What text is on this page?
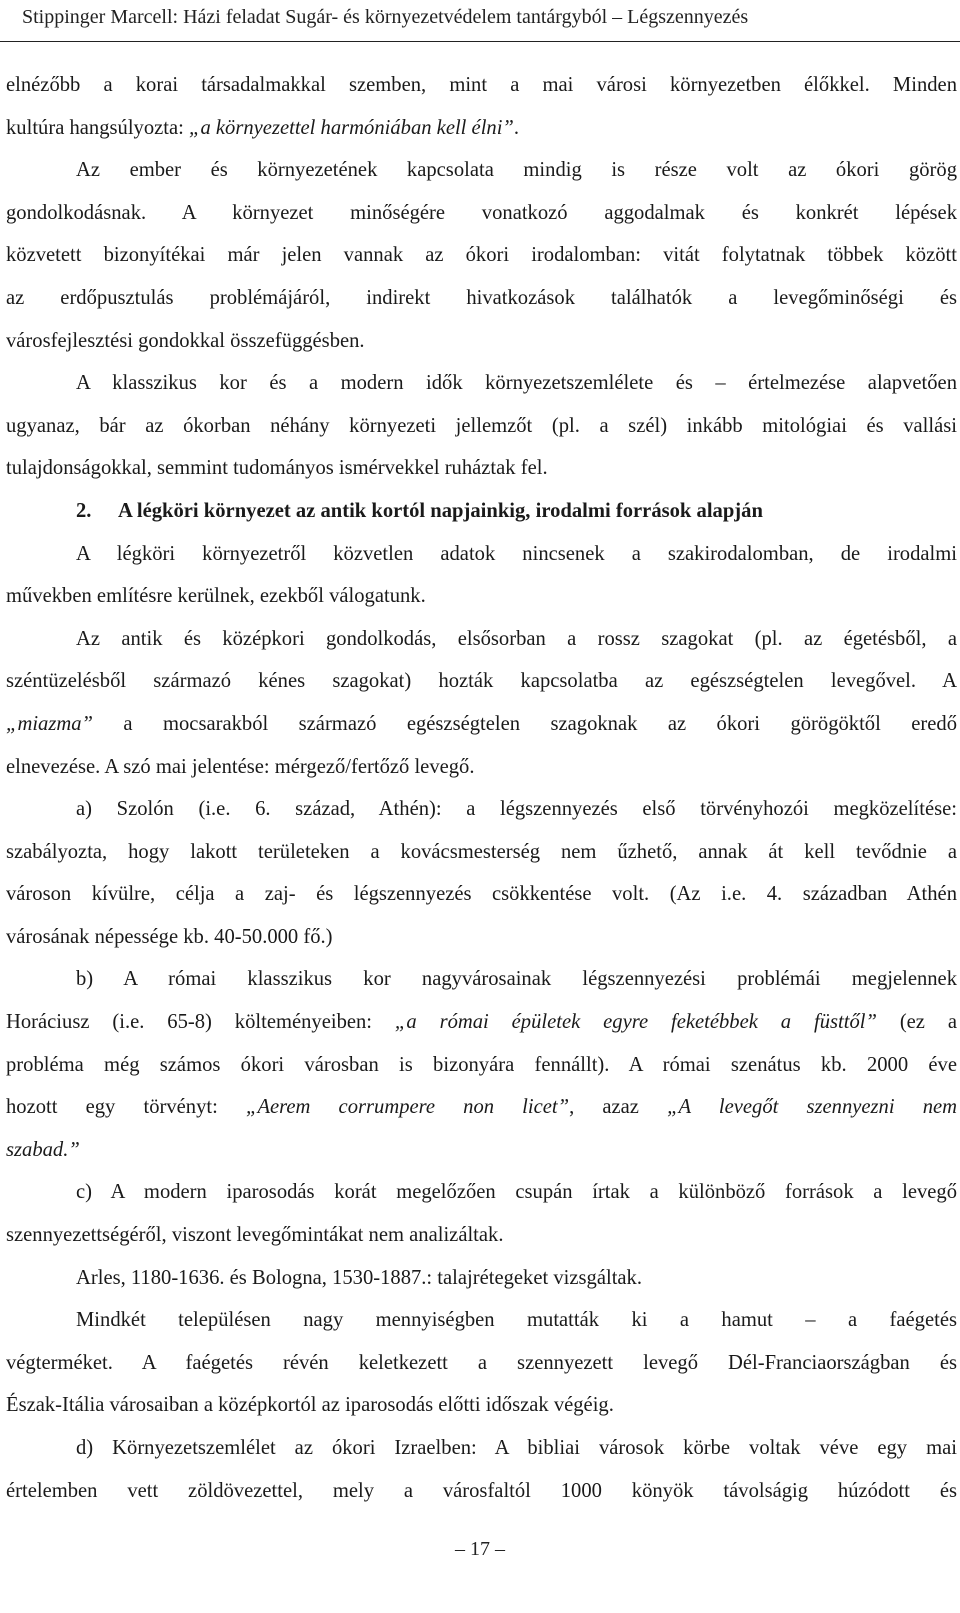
Stippinger Marcell: Házi feladat Sugár- és környezetvédelem tantárgyból – Légszennyezés
elnézőbb a korai társadalmakkal szemben, mint a mai városi környezetben élőkkel. Minden
kultúra hangsúlyozta: „a környezettel harmóniában kell élni”.
Az ember és környezetének kapcsolata mindig is része volt az ókori görög
gondolkodásnak. A környezet minőségére vonatkozó aggodalmak és konkrét lépések
közvetett bizonyítékai már jelen vannak az ókori irodalomban: vitát folytatnak többek között
az erdőpusztulás problémájáról, indirekt hivatkozások találhatók a levegőminőségi és
városfejlesztési gondokkal összefüggésben.
A klasszikus kor és a modern idők környezetszemlélete és – értelmezése alapvetően
ugyanaz, bár az ókorban néhány környezeti jellemzőt (pl. a szél) inkább mitológiai és vallási
tulajdonságokkal, semmint tudományos ismérvekkel ruháztak fel.
2. A légköri környezet az antik kortól napjainkig, irodalmi források alapján
A légköri környezetről közvetlen adatok nincsenek a szakirodalomban, de irodalmi
művekben említésre kerülnek, ezekből válogatunk.
Az antik és középkori gondolkodás, elsősorban a rossz szagokat (pl. az égetésből, a
széntüzelésből származó kénes szagokat) hozták kapcsolatba az egészségtelen levegővel. A
„miazma” a mocsarakból származó egészségtelen szagoknak az ókori görögöktől eredő
elnevezése. A szó mai jelentése: mérgező/fertőző levegő.
a) Szolón (i.e. 6. század, Athén): a légszennyezés első törvényhozói megközelítése:
szabályozta, hogy lakott területeken a kovácsmesterség nem űzhető, annak át kell tevődnie a
városon kívülre, célja a zaj- és légszennyezés csökkentése volt. (Az i.e. 4. században Athén
városának népessége kb. 40-50.000 fő.)
b) A római klasszikus kor nagyvárosainak légszennyezési problémái megjelennek
Horáciusz (i.e. 65-8) költeményeiben: „a római épületek egyre feketébbek a füsttől” (ez a
probléma még számos ókori városban is bizonyára fennállt). A római szenátus kb. 2000 éve
hozott egy törvényt: „Aerem corrumpere non licet”, azaz „A levegőt szennyezni nem
szabad.”
c) A modern iparosodás korát megelőzően csupán írtak a különböző források a levegő
szennyezettségéről, viszont levegőmintákat nem analizáltak.
Arles, 1180-1636. és Bologna, 1530-1887.: talajrétegeket vizsgáltak.
Mindkét településen nagy mennyiségben mutatták ki a hamut – a faégetés
végterméket. A faégetés révén keletkezett a szennyezett levegő Dél-Franciaországban és
Észak-Itália városaiban a középkortól az iparosodás előtti időszak végéig.
d) Környezetszemlélet az ókori Izraelben: A bibliai városok körbe voltak véve egy mai
értelemben vett zöldövezettel, mely a városfaltól 1000 könyök távolságig húzódott és
– 17 –
